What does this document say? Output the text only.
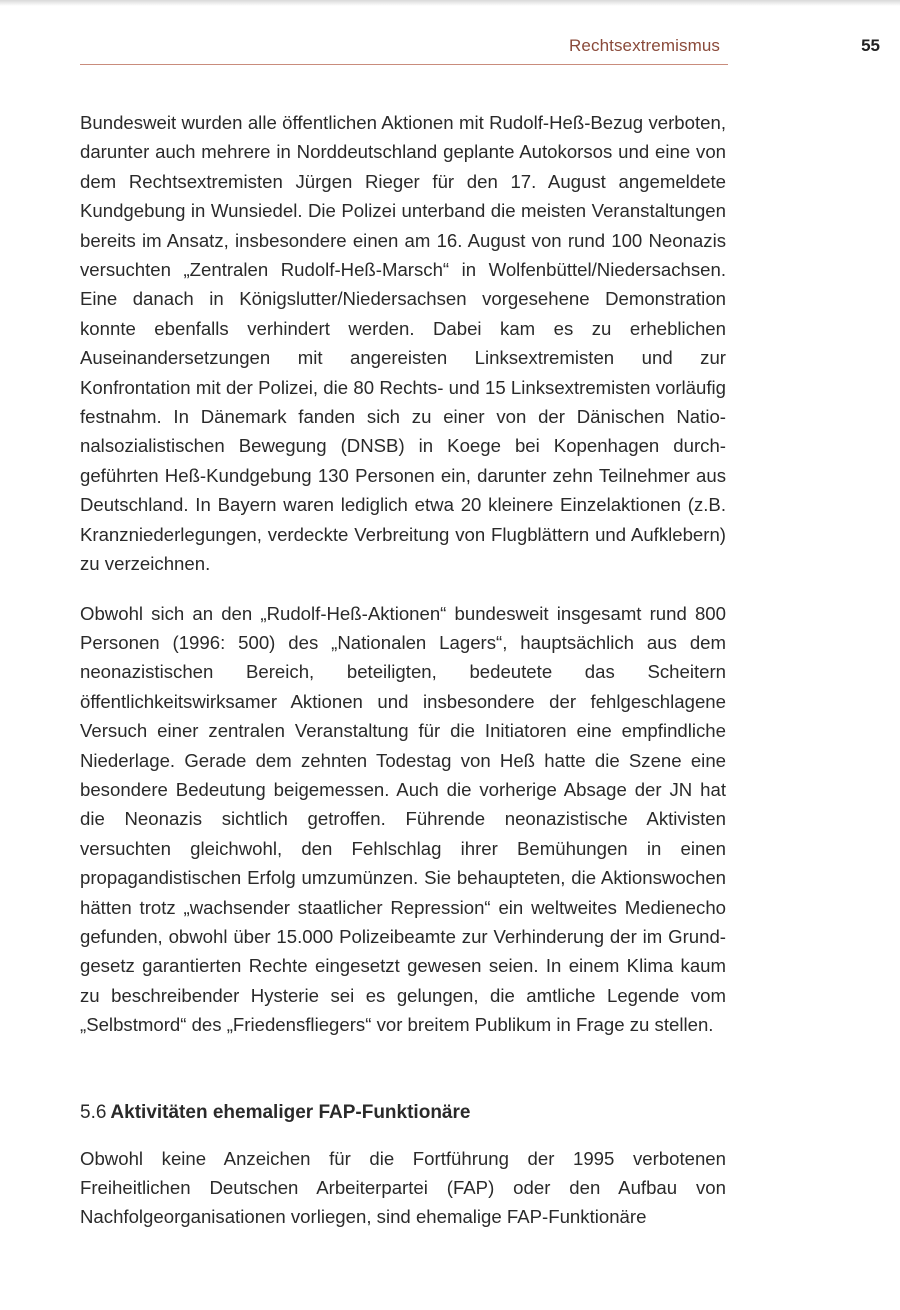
Rechtsextremismus	55

Bundesweit wurden alle öffentlichen Aktionen mit Rudolf-Heß-Bezug verboten, darunter auch mehrere in Norddeutschland geplante Autokorsos und eine von dem Rechtsextremisten Jürgen Rieger für den 17. August angemeldete Kundgebung in Wunsiedel. Die Polizei unterband die meisten Veranstaltungen bereits im Ansatz, insbesondere einen am 16. August von rund 100 Neonazis versuchten „Zentralen Rudolf-Heß-Marsch“ in Wolfenbüttel/Niedersachsen. Eine danach in Königslutter/Niedersachsen vorgesehene Demonstration konnte ebenfalls verhindert werden. Dabei kam es zu erheblichen Auseinandersetzungen mit angereisten Linksextremisten und zur Konfrontation mit der Polizei, die 80 Rechts- und 15 Linksextremisten vorläufig festnahm. In Dänemark fanden sich zu einer von der Dänischen Nationalsozialistischen Bewegung (DNSB) in Koege bei Kopenhagen durchgeführten Heß-Kundgebung 130 Personen ein, darunter zehn Teilnehmer aus Deutschland. In Bayern waren lediglich etwa 20 kleinere Einzelaktionen (z.B. Kranzniederlegungen, verdeckte Verbreitung von Flugblättern und Aufklebern) zu verzeichnen.

Obwohl sich an den „Rudolf-Heß-Aktionen“ bundesweit insgesamt rund 800 Personen (1996: 500) des „Nationalen Lagers“, hauptsächlich aus dem neonazistischen Bereich, beteiligten, bedeutete das Scheitern öffentlichkeitswirksamer Aktionen und insbesondere der fehlgeschlagene Versuch einer zentralen Veranstaltung für die Initiatoren eine empfindliche Niederlage. Gerade dem zehnten Todestag von Heß hatte die Szene eine besondere Bedeutung beigemessen. Auch die vorherige Absage der JN hat die Neonazis sichtlich getroffen. Führende neonazistische Aktivisten versuchten gleichwohl, den Fehlschlag ihrer Bemühungen in einen propagandistischen Erfolg umzumünzen. Sie behaupteten, die Aktionswochen hätten trotz „wachsender staatlicher Repression“ ein weltweites Medienecho gefunden, obwohl über 15.000 Polizeibeamte zur Verhinderung der im Grundgesetz garantierten Rechte eingesetzt gewesen seien. In einem Klima kaum zu beschreibender Hysterie sei es gelungen, die amtliche Legende vom „Selbstmord“ des „Friedensfliegers“ vor breitem Publikum in Frage zu stellen.

5.6 Aktivitäten ehemaliger FAP-Funktionäre

Obwohl keine Anzeichen für die Fortführung der 1995 verbotenen Freiheitlichen Deutschen Arbeiterpartei (FAP) oder den Aufbau von Nachfolgeorganisationen vorliegen, sind ehemalige FAP-Funktionäre
